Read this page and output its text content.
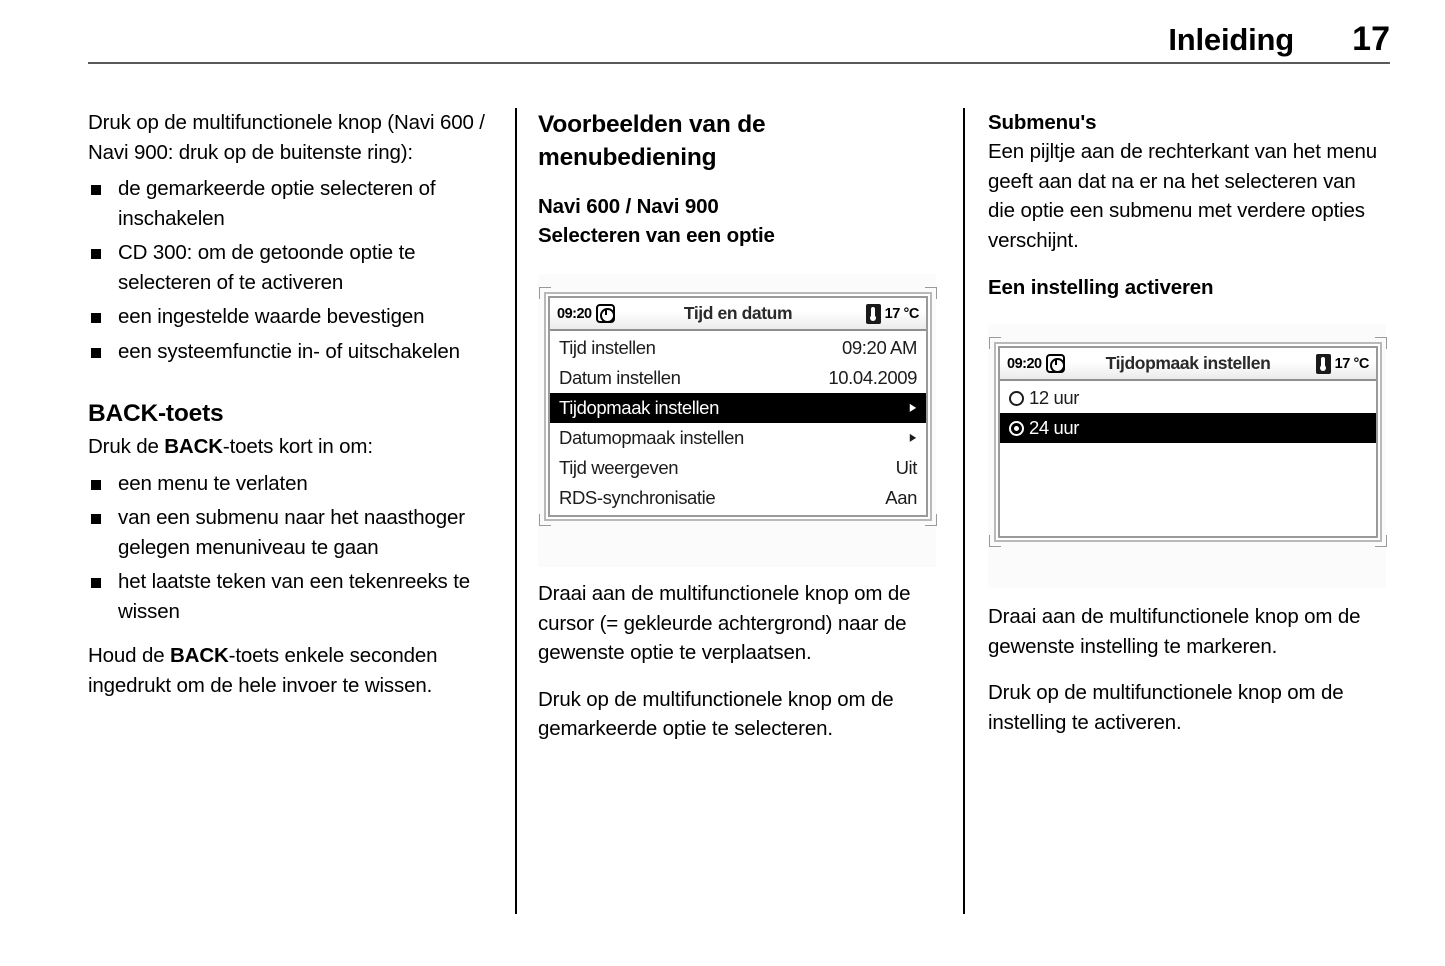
Inleiding 17

Druk op de multifunctionele knop (Navi 600 / Navi 900: druk op de buitenste ring):

de gemarkeerde optie selecteren of inschakelen
CD 300: om de getoonde optie te selecteren of te activeren
een ingestelde waarde bevestigen
een systeemfunctie in- of uitschakelen
BACK-toets

Druk de BACK-toets kort in om:

een menu te verlaten
van een submenu naar het naasthoger gelegen menuniveau te gaan
het laatste teken van een tekenreeks te wissen

Houd de BACK-toets enkele seconden ingedrukt om de hele invoer te wissen.

Voorbeelden van de menubediening
Navi 600 / Navi 900
Selecteren van een optie
09:20	Tijd en datum	17 °C
Tijd instellen	09:20 AM
Datum instellen	10.04.2009
Tijdopmaak instellen	▸
Datumopmaak instellen	▸
Tijd weergeven	Uit
RDS-synchronisatie	Aan

Draai aan de multifunctionele knop om de cursor (= gekleurde achtergrond) naar de gewenste optie te verplaatsen.

Druk op de multifunctionele knop om de gemarkeerde optie te selecteren.

Submenu's

Een pijltje aan de rechterkant van het menu geeft aan dat na er na het selecteren van die optie een submenu met verdere opties verschijnt.

Een instelling activeren
09:20	Tijdopmaak instellen	17 °C
12 uur
24 uur

Draai aan de multifunctionele knop om de gewenste instelling te markeren.

Druk op de multifunctionele knop om de instelling te activeren.
